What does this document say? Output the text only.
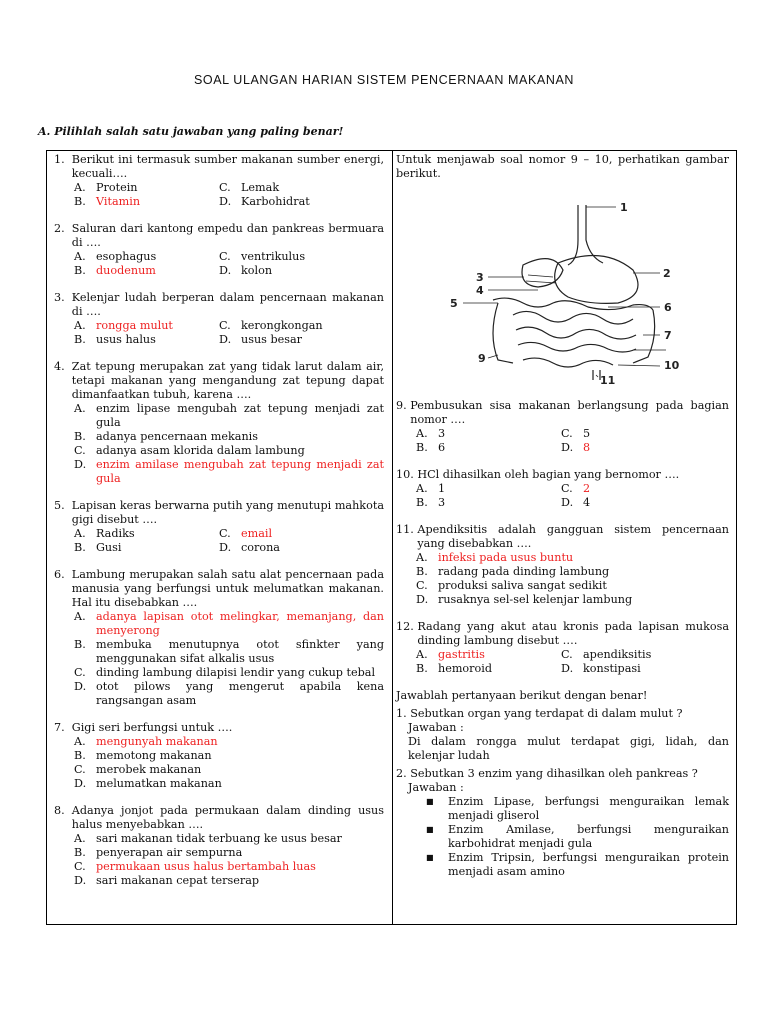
SOAL ULANGAN HARIAN SISTEM PENCERNAAN MAKANAN
A. Pilihlah salah satu jawaban yang paling benar!
1. Berikut ini termasuk sumber makanan sumber energi, kecuali….
A. Protein	C. Lemak
B. Vitamin	D. Karbohidrat
2. Saluran dari kantong empedu dan pankreas bermuara di ….
A. esophagus	C. ventrikulus
B. duodenum	D. kolon
3. Kelenjar ludah berperan dalam pencernaan makanan di ….
A. rongga mulut	C. kerongkongan
B. usus halus	D. usus besar
4. Zat tepung merupakan zat yang tidak larut dalam air, tetapi makanan yang mengandung zat tepung dapat dimanfaatkan tubuh, karena ….
A. enzim lipase mengubah zat tepung menjadi zat gula
B. adanya pencernaan mekanis
C. adanya asam klorida dalam lambung
D. enzim amilase mengubah zat tepung menjadi zat gula
5. Lapisan keras berwarna putih yang menutupi mahkota gigi disebut ….
A. Radiks	C. email
B. Gusi	D. corona
6. Lambung merupakan salah satu alat pencernaan pada manusia yang berfungsi untuk melumatkan makanan. Hal itu disebabkan ….
A. adanya lapisan otot melingkar, memanjang, dan menyerong
B. membuka menutupnya otot sfinkter yang menggunakan sifat alkalis usus
C. dinding lambung dilapisi lendir yang cukup tebal
D. otot pilows yang mengerut apabila kena rangsangan asam
7. Gigi seri berfungsi untuk ….
A. mengunyah makanan
B. memotong makanan
C. merobek makanan
D. melumatkan makanan
8. Adanya jonjot pada permukaan dalam dinding usus halus menyebabkan ….
A. sari makanan tidak terbuang ke usus besar
B. penyerapan air sempurna
C. permukaan usus halus bertambah luas
D. sari makanan cepat terserap

Untuk menjawab soal nomor 9 – 10, perhatikan gambar berikut.
1
2
3
4
5	6
7
9
10
11
9. Pembusukan sisa makanan berlangsung pada bagian nomor ….
A. 3	C. 5
B. 6	D. 8
10. HCl dihasilkan oleh bagian yang bernomor ….
A. 1	C. 2
B. 3	D. 4
11. Apendiksitis adalah gangguan sistem pencernaan yang disebabkan ….
A. infeksi pada usus buntu
B. radang pada dinding lambung
C. produksi saliva sangat sedikit
D. rusaknya sel-sel kelenjar lambung
12. Radang yang akut atau kronis pada lapisan mukosa dinding lambung disebut ….
A. gastritis	C. apendiksitis
B. hemoroid	D. konstipasi
Jawablah pertanyaan berikut dengan benar!
1. Sebutkan organ yang terdapat di dalam mulut ?
Jawaban :
Di dalam rongga mulut terdapat gigi, lidah, dan kelenjar ludah
2. Sebutkan 3 enzim yang dihasilkan oleh pankreas ?
Jawaban :
■	Enzim Lipase, berfungsi menguraikan lemak menjadi gliserol
■	Enzim Amilase, berfungsi menguraikan karbohidrat menjadi gula
■	Enzim Tripsin, berfungsi menguraikan protein menjadi asam amino
